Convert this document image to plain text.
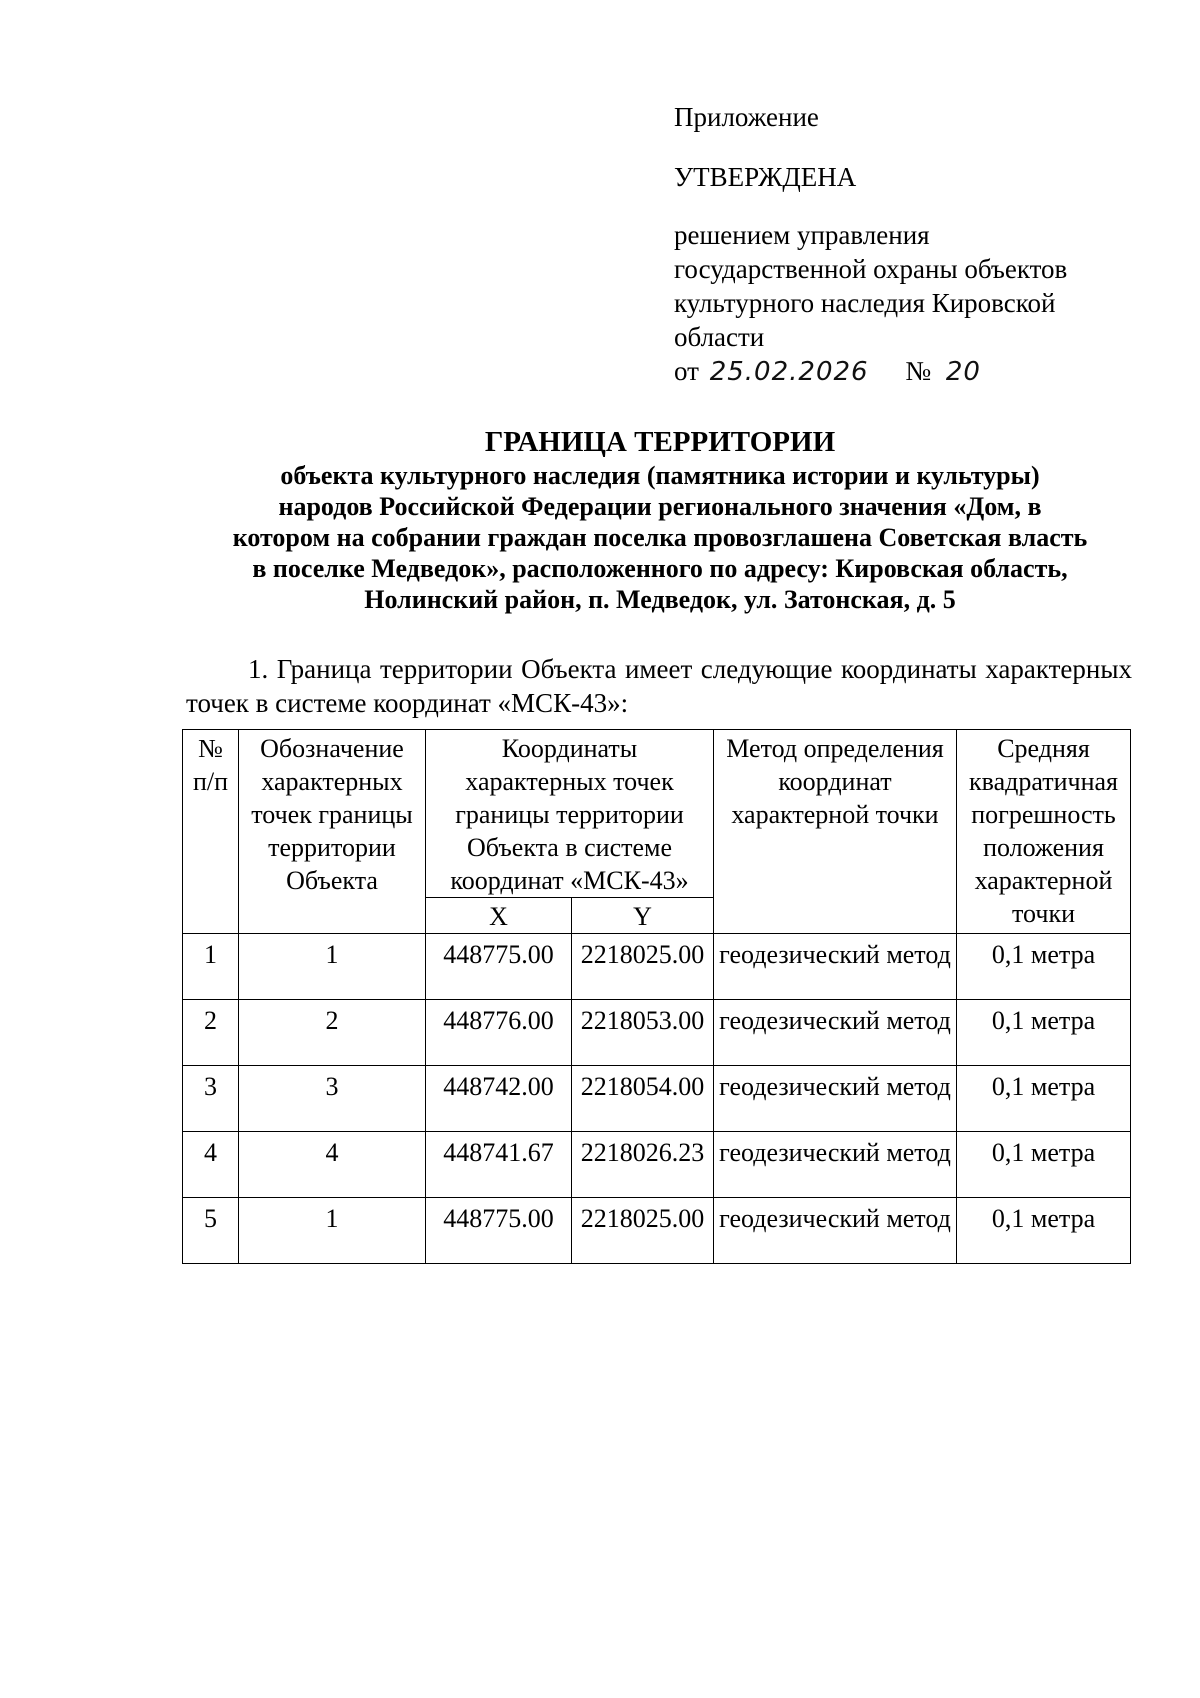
Приложение
УТВЕРЖДЕНА
решением управления
государственной охраны объектов
культурного наследия Кировской
области
от 25.02.2026 № 20
ГРАНИЦА ТЕРРИТОРИИ
объекта культурного наследия (памятника истории и культуры)
народов Российской Федерации регионального значения «Дом, в
котором на собрании граждан поселка провозглашена Советская власть
в поселке Медведок», расположенного по адресу: Кировская область,
Нолинский район, п. Медведок, ул. Затонская, д. 5
1. Граница территории Объекта имеет следующие координаты характерных точек в системе координат «МСК-43»:
№ п/п	Обозначение характерных точек границы территории Объекта	Координаты характерных точек границы территории Объекта в системе координат «МСК-43»		Метод определения координат характерной точки	Средняя квадратичная погрешность положения характерной точки
		X	Y		
1	1	448775.00	2218025.00	геодезический метод	0,1 метра
2	2	448776.00	2218053.00	геодезический метод	0,1 метра
3	3	448742.00	2218054.00	геодезический метод	0,1 метра
4	4	448741.67	2218026.23	геодезический метод	0,1 метра
5	1	448775.00	2218025.00	геодезический метод	0,1 метра
